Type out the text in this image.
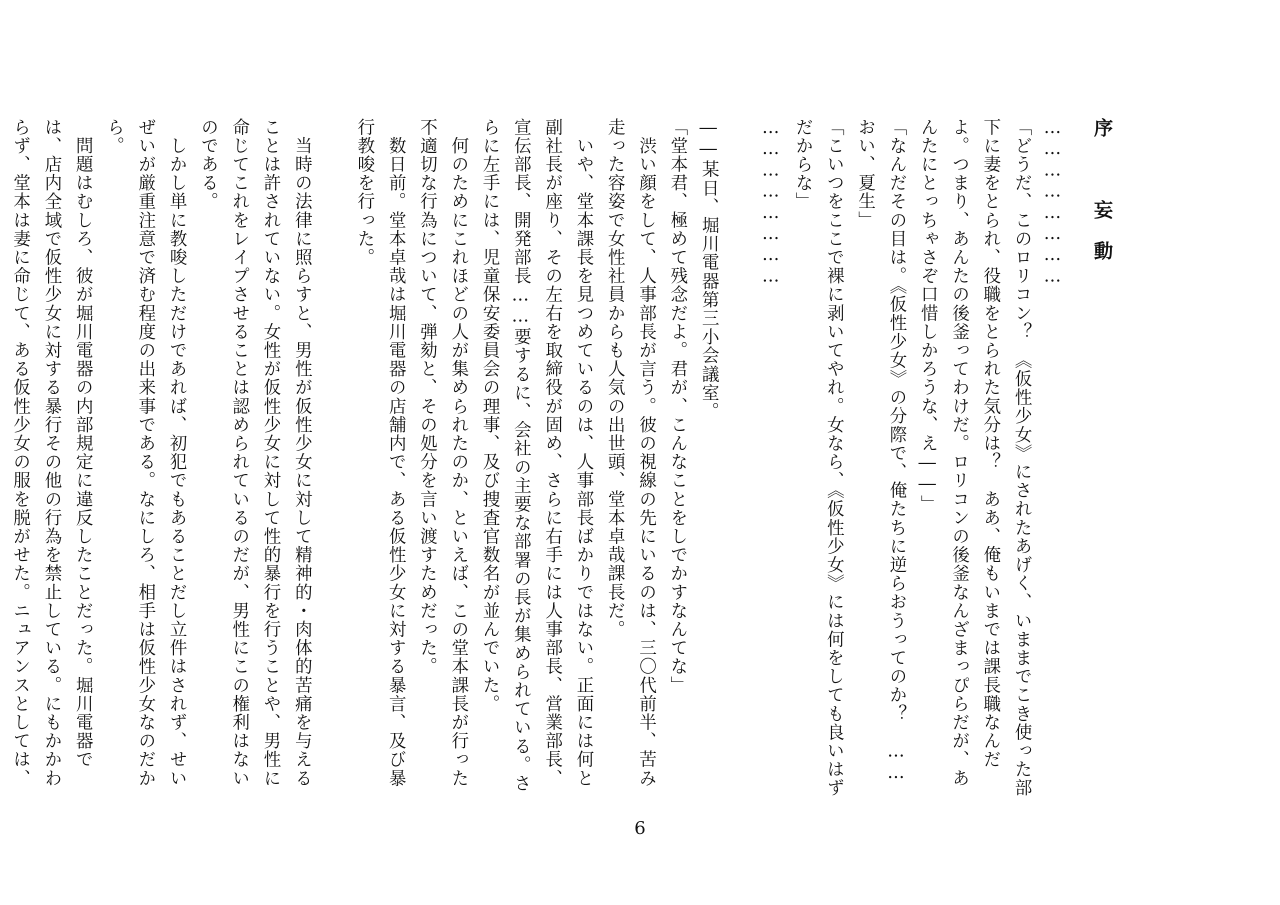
序　妄動

……………………

「どうだ、このロリコン？　《仮性少女》にされたあげく、いままでこき使った部下に妻をとられ、役職をとられた気分は？　ああ、俺もいまでは課長職なんだよ。つまり、あんたの後釜ってわけだ。ロリコンの後釜なんざまっぴらだが、あんたにとっちゃさぞ口惜しかろうな、え――」

「なんだその目は。《仮性少女》の分際で、俺たちに逆らおうってのか？　……おい、夏生」

「こいつをここで裸に剥いてやれ。女なら、《仮性少女》には何をしても良いはずだからな」

……………………

――某日、堀川電器第三小会議室。

「堂本君、極めて残念だよ。君が、こんなことをしでかすなんてな」

　渋い顔をして、人事部長が言う。彼の視線の先にいるのは、三〇代前半、苦み走った容姿で女性社員からも人気の出世頭、堂本卓哉課長だ。

　いや、堂本課長を見つめているのは、人事部長ばかりではない。正面には何と副社長が座り、その左右を取締役が固め、さらに右手には人事部長、営業部長、宣伝部長、開発部長……要するに、会社の主要な部署の長が集められている。さらに左手には、児童保安委員会の理事、及び捜査官数名が並んでいた。

　何のためにこれほどの人が集められたのか、といえば、この堂本課長が行った不適切な行為について、弾劾と、その処分を言い渡すためだった。

　数日前。堂本卓哉は堀川電器の店舗内で、ある仮性少女に対する暴言、及び暴行教唆を行った。

　当時の法律に照らすと、男性が仮性少女に対して精神的・肉体的苦痛を与えることは許されていない。女性が仮性少女に対して性的暴行を行うことや、男性に命じてこれをレイプさせることは認められているのだが、男性にこの権利はないのである。

　しかし単に教唆しただけであれば、初犯でもあることだし立件はされず、せいぜいが厳重注意で済む程度の出来事である。なにしろ、相手は仮性少女なのだから。

　問題はむしろ、彼が堀川電器の内部規定に違反したことだった。堀川電器では、店内全域で仮性少女に対する暴行その他の行為を禁止している。にもかかわらず、堂本は妻に命じて、ある仮性少女の服を脱がせた。ニュアンスとしては、

6
